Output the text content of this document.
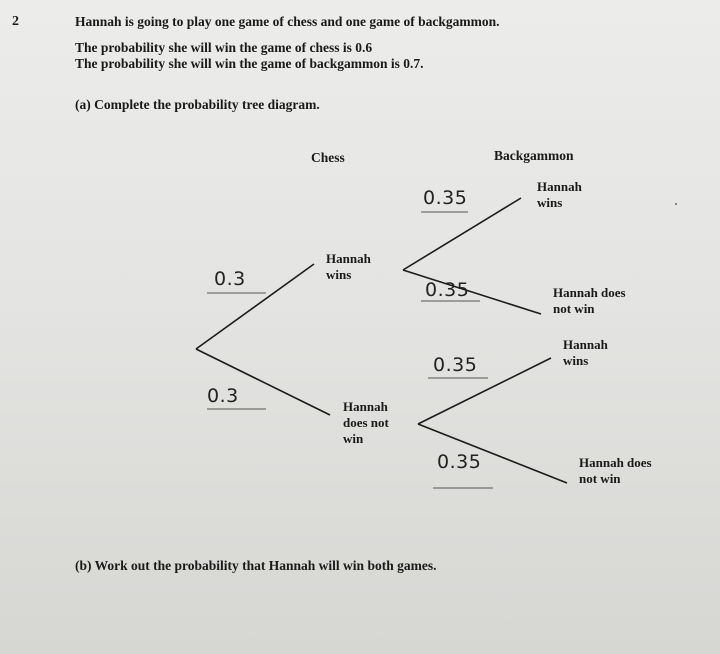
2	Hannah is going to play one game of chess and one game of backgammon.
The probability she will win the game of chess is 0.6
The probability she will win the game of backgammon is 0.7.
(a) Complete the probability tree diagram.
Chess	Backgammon
Hannah
wins
Hannah
does not
win
Hannah
wins
Hannah does
not win
Hannah
wins
Hannah does
not win
0.3
0.3
0.35
0.35
0.35
0.35
(b) Work out the probability that Hannah will win both games.
